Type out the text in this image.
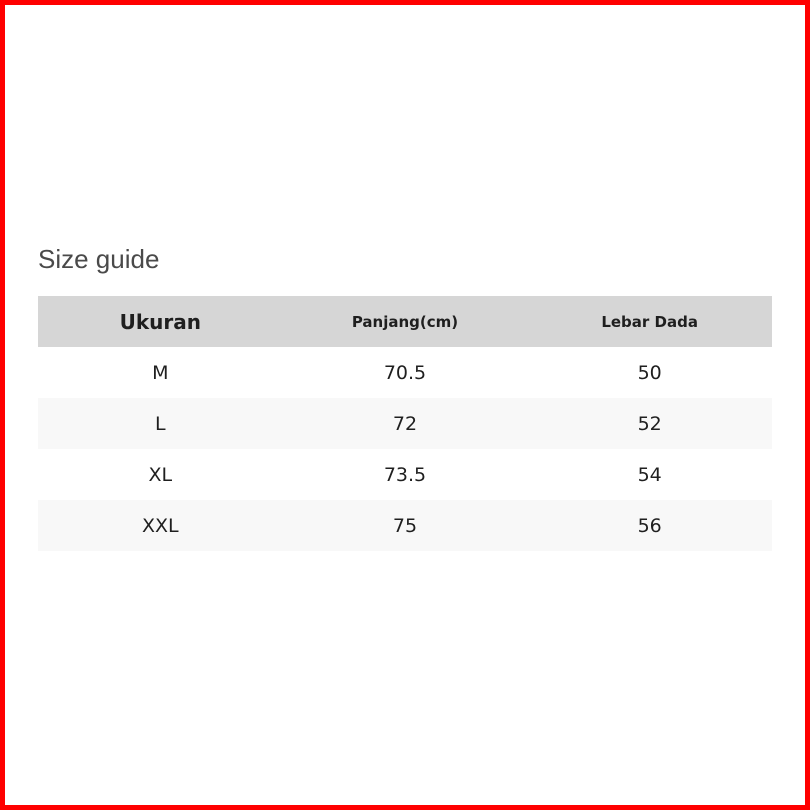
Size guide
Ukuran	Panjang(cm)	Lebar Dada
M	70.5	50
L	72	52
XL	73.5	54
XXL	75	56
